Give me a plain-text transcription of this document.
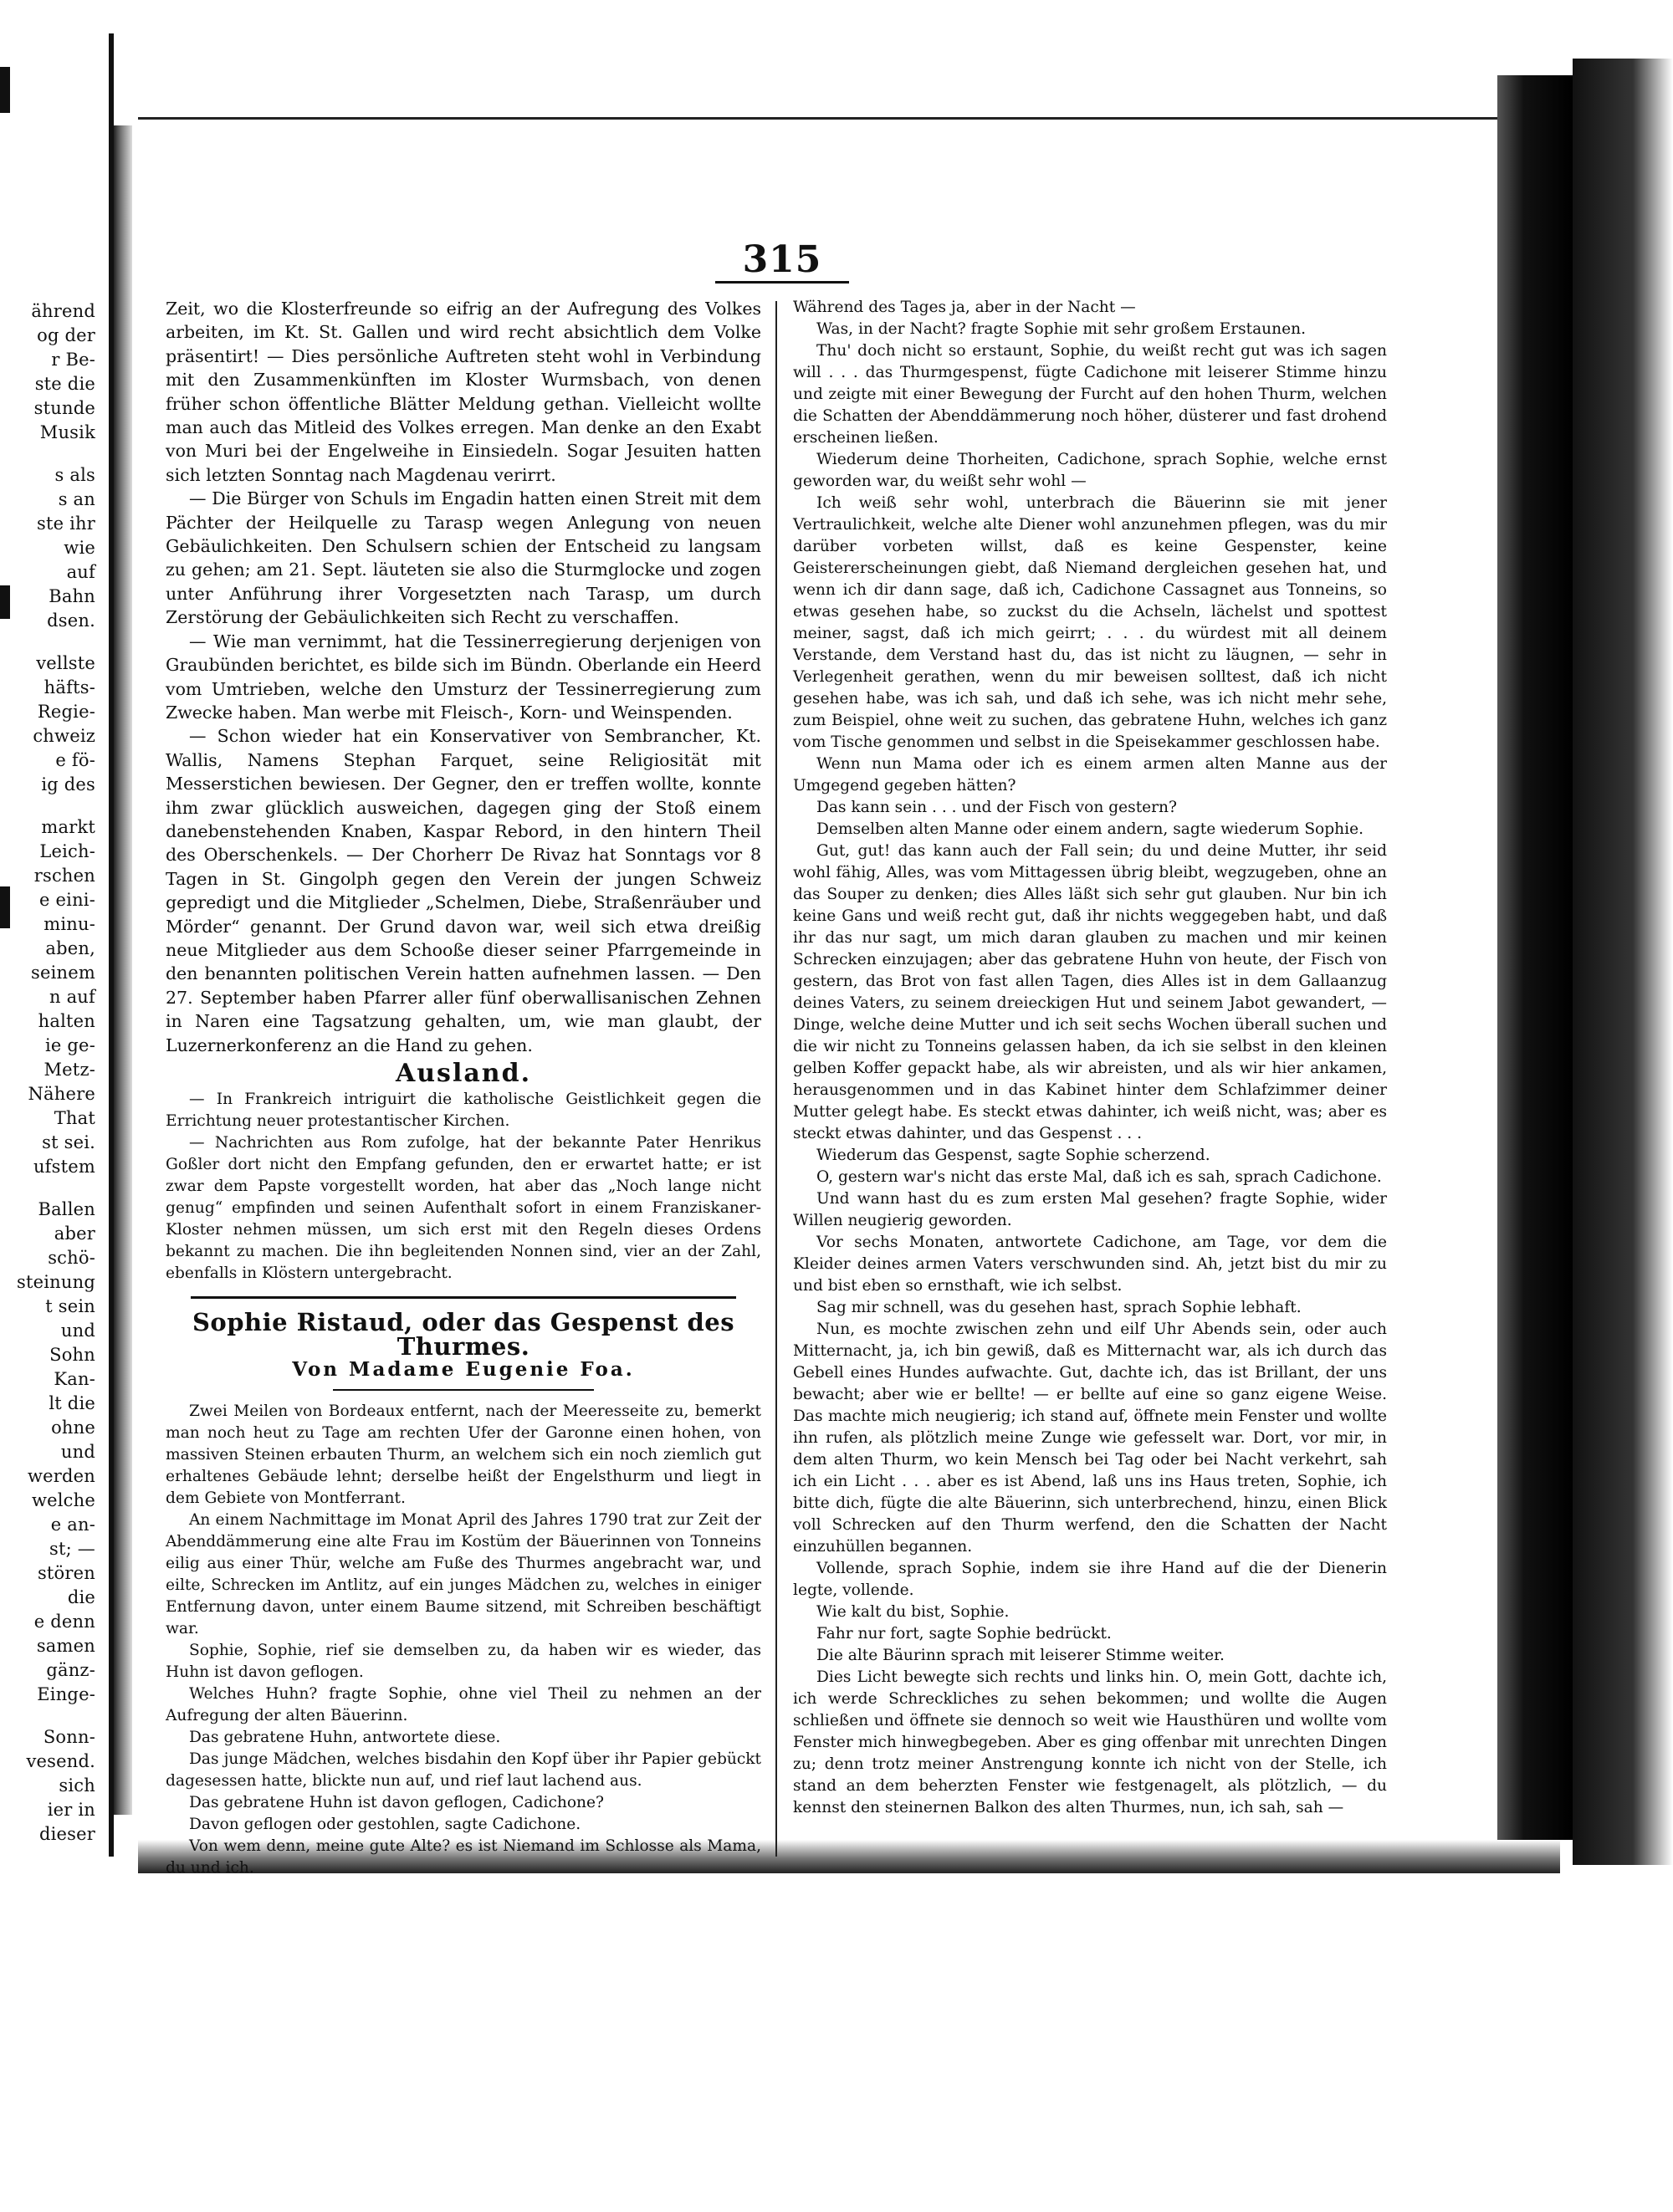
ährend
og der
r Be-
ste die
stunde
Musik
s als
s an
ste ihr
wie
auf
Bahn
dsen.
vellste
häfts-
Regie-
chweiz
e fö-
ig des
markt
Leich-
rschen
e eini-
minu-
aben,
seinem
n auf
halten
ie ge-
Metz-
Nähere
That
st sei.
ufstem
Ballen
aber
schö-
steinung
t sein
und
Sohn
Kan-
lt die
ohne
und
werden
welche
e an-
st; —
stören
die
e denn
samen
gänz-
Einge-
Sonn-
vesend.
sich
ier in
dieser
315

Zeit, wo die Klosterfreunde so eifrig an der Aufregung des Volkes arbeiten, im Kt. St. Gallen und wird recht absichtlich dem Volke präsentirt! — Dies persönliche Auftreten steht wohl in Verbindung mit den Zusammenkünften im Kloster Wurmsbach, von denen früher schon öffentliche Blätter Meldung gethan. Vielleicht wollte man auch das Mitleid des Volkes erregen. Man denke an den Exabt von Muri bei der Engelweihe in Einsiedeln. Sogar Jesuiten hatten sich letzten Sonntag nach Magdenau verirrt.

— Die Bürger von Schuls im Engadin hatten einen Streit mit dem Pächter der Heilquelle zu Tarasp wegen Anlegung von neuen Gebäulichkeiten. Den Schulsern schien der Entscheid zu langsam zu gehen; am 21. Sept. läuteten sie also die Sturmglocke und zogen unter Anführung ihrer Vorgesetzten nach Tarasp, um durch Zerstörung der Gebäulichkeiten sich Recht zu verschaffen.

— Wie man vernimmt, hat die Tessinerregierung derjenigen von Graubünden berichtet, es bilde sich im Bündn. Oberlande ein Heerd vom Umtrieben, welche den Umsturz der Tessinerregierung zum Zwecke haben. Man werbe mit Fleisch-, Korn- und Weinspenden.

— Schon wieder hat ein Konservativer von Sembrancher, Kt. Wallis, Namens Stephan Farquet, seine Religiosität mit Messerstichen bewiesen. Der Gegner, den er treffen wollte, konnte ihm zwar glücklich ausweichen, dagegen ging der Stoß einem danebenstehenden Knaben, Kaspar Rebord, in den hintern Theil des Oberschenkels. — Der Chorherr De Rivaz hat Sonntags vor 8 Tagen in St. Gingolph gegen den Verein der jungen Schweiz gepredigt und die Mitglieder „Schelmen, Diebe, Straßenräuber und Mörder“ genannt. Der Grund davon war, weil sich etwa dreißig neue Mitglieder aus dem Schooße dieser seiner Pfarrgemeinde in den benannten politischen Verein hatten aufnehmen lassen. — Den 27. September haben Pfarrer aller fünf oberwallisanischen Zehnen in Naren eine Tagsatzung gehalten, um, wie man glaubt, der Luzernerkonferenz an die Hand zu gehen.

Ausland.

— In Frankreich intriguirt die katholische Geistlichkeit gegen die Errichtung neuer protestantischer Kirchen.

— Nachrichten aus Rom zufolge, hat der bekannte Pater Henrikus Goßler dort nicht den Empfang gefunden, den er erwartet hatte; er ist zwar dem Papste vorgestellt worden, hat aber das „Noch lange nicht genug“ empfinden und seinen Aufenthalt sofort in einem Franziskaner-Kloster nehmen müssen, um sich erst mit den Regeln dieses Ordens bekannt zu machen. Die ihn begleitenden Nonnen sind, vier an der Zahl, ebenfalls in Klöstern untergebracht.

Sophie Ristaud, oder das Gespenst des Thurmes.
Von Madame Eugenie Foa.

Zwei Meilen von Bordeaux entfernt, nach der Meeresseite zu, bemerkt man noch heut zu Tage am rechten Ufer der Garonne einen hohen, von massiven Steinen erbauten Thurm, an welchem sich ein noch ziemlich gut erhaltenes Gebäude lehnt; derselbe heißt der Engelsthurm und liegt in dem Gebiete von Montferrant.

An einem Nachmittage im Monat April des Jahres 1790 trat zur Zeit der Abenddämmerung eine alte Frau im Kostüm der Bäuerinnen von Tonneins eilig aus einer Thür, welche am Fuße des Thurmes angebracht war, und eilte, Schrecken im Antlitz, auf ein junges Mädchen zu, welches in einiger Entfernung davon, unter einem Baume sitzend, mit Schreiben beschäftigt war.

Sophie, Sophie, rief sie demselben zu, da haben wir es wieder, das Huhn ist davon geflogen.

Welches Huhn? fragte Sophie, ohne viel Theil zu nehmen an der Aufregung der alten Bäuerinn.

Das gebratene Huhn, antwortete diese.

Das junge Mädchen, welches bisdahin den Kopf über ihr Papier gebückt dagesessen hatte, blickte nun auf, und rief laut lachend aus.

Das gebratene Huhn ist davon geflogen, Cadichone?

Davon geflogen oder gestohlen, sagte Cadichone.

Von wem denn, meine gute Alte? es ist Niemand im Schlosse als Mama, du und ich.

Während des Tages ja, aber in der Nacht —

Was, in der Nacht? fragte Sophie mit sehr großem Erstaunen.

Thu' doch nicht so erstaunt, Sophie, du weißt recht gut was ich sagen will . . . das Thurmgespenst, fügte Cadichone mit leiserer Stimme hinzu und zeigte mit einer Bewegung der Furcht auf den hohen Thurm, welchen die Schatten der Abenddämmerung noch höher, düsterer und fast drohend erscheinen ließen.

Wiederum deine Thorheiten, Cadichone, sprach Sophie, welche ernst geworden war, du weißt sehr wohl —

Ich weiß sehr wohl, unterbrach die Bäuerinn sie mit jener Vertraulichkeit, welche alte Diener wohl anzunehmen pflegen, was du mir darüber vorbeten willst, daß es keine Gespenster, keine Geistererscheinungen giebt, daß Niemand dergleichen gesehen hat, und wenn ich dir dann sage, daß ich, Cadichone Cassagnet aus Tonneins, so etwas gesehen habe, so zuckst du die Achseln, lächelst und spottest meiner, sagst, daß ich mich geirrt; . . . du würdest mit all deinem Verstande, dem Verstand hast du, das ist nicht zu läugnen, — sehr in Verlegenheit gerathen, wenn du mir beweisen solltest, daß ich nicht gesehen habe, was ich sah, und daß ich sehe, was ich nicht mehr sehe, zum Beispiel, ohne weit zu suchen, das gebratene Huhn, welches ich ganz vom Tische genommen und selbst in die Speisekammer geschlossen habe.

Wenn nun Mama oder ich es einem armen alten Manne aus der Umgegend gegeben hätten?

Das kann sein . . . und der Fisch von gestern?

Demselben alten Manne oder einem andern, sagte wiederum Sophie.

Gut, gut! das kann auch der Fall sein; du und deine Mutter, ihr seid wohl fähig, Alles, was vom Mittagessen übrig bleibt, wegzugeben, ohne an das Souper zu denken; dies Alles läßt sich sehr gut glauben. Nur bin ich keine Gans und weiß recht gut, daß ihr nichts weggegeben habt, und daß ihr das nur sagt, um mich daran glauben zu machen und mir keinen Schrecken einzujagen; aber das gebratene Huhn von heute, der Fisch von gestern, das Brot von fast allen Tagen, dies Alles ist in dem Gallaanzug deines Vaters, zu seinem dreieckigen Hut und seinem Jabot gewandert, — Dinge, welche deine Mutter und ich seit sechs Wochen überall suchen und die wir nicht zu Tonneins gelassen haben, da ich sie selbst in den kleinen gelben Koffer gepackt habe, als wir abreisten, und als wir hier ankamen, herausgenommen und in das Kabinet hinter dem Schlafzimmer deiner Mutter gelegt habe. Es steckt etwas dahinter, ich weiß nicht, was; aber es steckt etwas dahinter, und das Gespenst . . .

Wiederum das Gespenst, sagte Sophie scherzend.

O, gestern war's nicht das erste Mal, daß ich es sah, sprach Cadichone.

Und wann hast du es zum ersten Mal gesehen? fragte Sophie, wider Willen neugierig geworden.

Vor sechs Monaten, antwortete Cadichone, am Tage, vor dem die Kleider deines armen Vaters verschwunden sind. Ah, jetzt bist du mir zu und bist eben so ernsthaft, wie ich selbst.

Sag mir schnell, was du gesehen hast, sprach Sophie lebhaft.

Nun, es mochte zwischen zehn und eilf Uhr Abends sein, oder auch Mitternacht, ja, ich bin gewiß, daß es Mitternacht war, als ich durch das Gebell eines Hundes aufwachte. Gut, dachte ich, das ist Brillant, der uns bewacht; aber wie er bellte! — er bellte auf eine so ganz eigene Weise. Das machte mich neugierig; ich stand auf, öffnete mein Fenster und wollte ihn rufen, als plötzlich meine Zunge wie gefesselt war. Dort, vor mir, in dem alten Thurm, wo kein Mensch bei Tag oder bei Nacht verkehrt, sah ich ein Licht . . . aber es ist Abend, laß uns ins Haus treten, Sophie, ich bitte dich, fügte die alte Bäuerinn, sich unterbrechend, hinzu, einen Blick voll Schrecken auf den Thurm werfend, den die Schatten der Nacht einzuhüllen begannen.

Vollende, sprach Sophie, indem sie ihre Hand auf die der Dienerin legte, vollende.

Wie kalt du bist, Sophie.

Fahr nur fort, sagte Sophie bedrückt.

Die alte Bäurinn sprach mit leiserer Stimme weiter.

Dies Licht bewegte sich rechts und links hin. O, mein Gott, dachte ich, ich werde Schreckliches zu sehen bekommen; und wollte die Augen schließen und öffnete sie dennoch so weit wie Hausthüren und wollte vom Fenster mich hinwegbegeben. Aber es ging offenbar mit unrechten Dingen zu; denn trotz meiner Anstrengung konnte ich nicht von der Stelle, ich stand an dem beherzten Fenster wie festgenagelt, als plötzlich, — du kennst den steinernen Balkon des alten Thurmes, nun, ich sah, sah —
